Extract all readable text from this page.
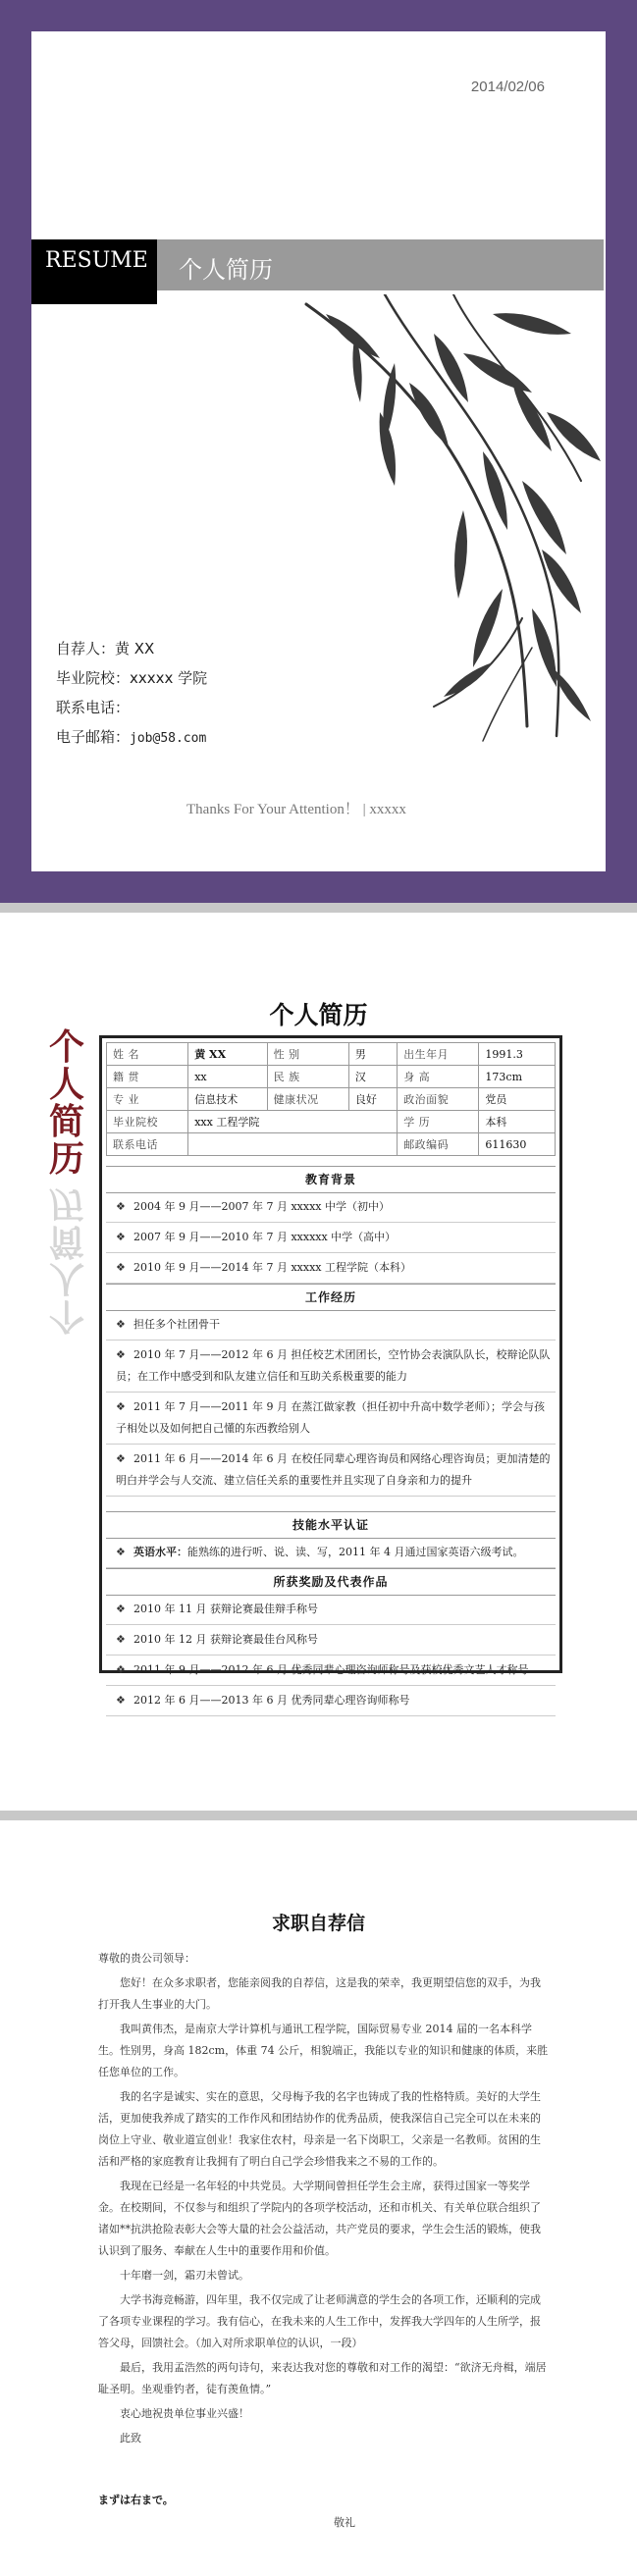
2014/02/06
RESUME	个人简历
自荐人：黄 XX
毕业院校：xxxxx 学院
联系电话：
电子邮箱：job@58.com
Thanks For Your Attention！ | xxxxx
个人简历
个
人
简
历
个
人
简
历
姓 名	黄 XX	性 别	男	出生年月	1991.3
籍 贯	xx	民 族	汉	身 高	173cm
专 业	信息技术	健康状况	良好	政治面貌	党员
毕业院校	xxx 工程学院			学 历	本科
联系电话				邮政编码	611630
教育背景
❖ 2004 年 9 月——2007 年 7 月 xxxxx 中学（初中）
❖ 2007 年 9 月——2010 年 7 月 xxxxxx 中学（高中）
❖ 2010 年 9 月——2014 年 7 月 xxxxx 工程学院（本科）
工作经历
❖ 担任多个社团骨干
❖ 2010 年 7 月——2012 年 6 月 担任校艺术团团长，空竹协会表演队队长，校辩论队队员；在工作中感受到和队友建立信任和互助关系极重要的能力
❖ 2011 年 7 月——2011 年 9 月 在蒸江做家教（担任初中升高中数学老师）；学会与孩子相处以及如何把自己懂的东西教给别人
❖ 2011 年 6 月——2014 年 6 月 在校任同辈心理咨询员和网络心理咨询员；更加清楚的明白并学会与人交流、建立信任关系的重要性并且实现了自身亲和力的提升
技能水平认证
❖ 英语水平：能熟练的进行听、说、读、写，2011 年 4 月通过国家英语六级考试。
所获奖励及代表作品
❖ 2010 年 11 月 获辩论赛最佳辩手称号
❖ 2010 年 12 月 获辩论赛最佳台风称号
❖ 2011 年 9 月——2012 年 6 月 优秀同辈心理咨询师称号及获校优秀文艺人才称号
❖ 2012 年 6 月——2013 年 6 月 优秀同辈心理咨询师称号
求职自荐信

尊敬的贵公司领导：

您好！在众多求职者，您能亲阅我的自荐信，这是我的荣幸，我更期望信您的双手，为我打开我人生事业的大门。

我叫黄伟杰，是南京大学计算机与通讯工程学院，国际贸易专业 2014 届的一名本科学生。性别男，身高 182cm，体重 74 公斤，相貌端正，我能以专业的知识和健康的体质，来胜任您单位的工作。

我的名字是诚实、实在的意思，父母梅予我的名字也铸成了我的性格特质。美好的大学生活，更加使我养成了踏实的工作作风和团结协作的优秀品质，使我深信自己完全可以在未来的岗位上守业、敬业道宣创业！我家住农村，母亲是一名下岗职工，父亲是一名教师。贫困的生活和严格的家庭教育让我拥有了明白自己学会珍惜我来之不易的工作的。

我现在已经是一名年轻的中共党员。大学期间曾担任学生会主席，获得过国家一等奖学金。在校期间，不仅参与和组织了学院内的各项学校活动，还和市机关、有关单位联合组织了诸如**抗洪抢险表彰大会等大量的社会公益活动，共产党员的要求，学生会生活的锻炼，使我认识到了服务、奉献在人生中的重要作用和价值。

十年磨一剑，霜刃未曾试。

大学书海竞畅游，四年里，我不仅完成了让老师满意的学生会的各项工作，还顺利的完成了各项专业课程的学习。我有信心，在我未来的人生工作中，发挥我大学四年的人生所学，报答父母，回馈社会。（加入对所求职单位的认识，一段）

最后，我用孟浩然的两句诗句，来表达我对您的尊敬和对工作的渴望：“欲济无舟楫，端居耻圣明。坐观垂钓者，徒有羡鱼情。”

衷心地祝贵单位事业兴盛！

此致

まずは右まで。
敬礼
